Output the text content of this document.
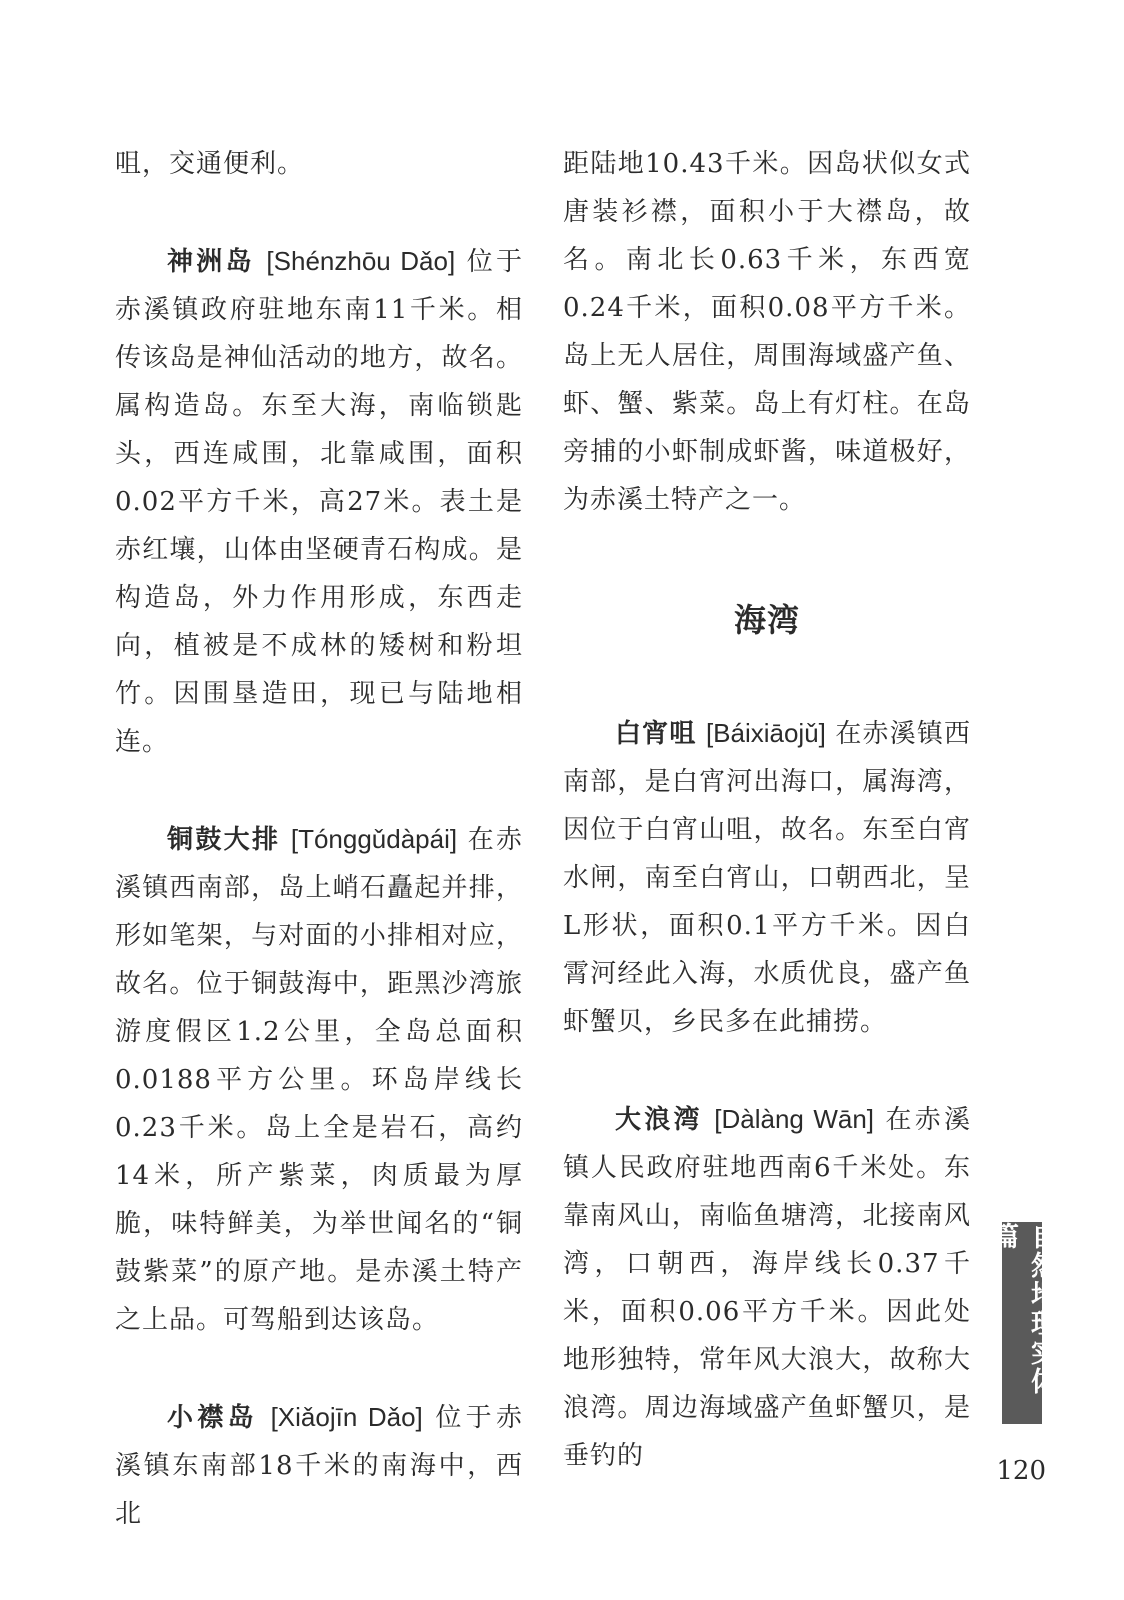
咀，交通便利。

神洲岛 [Shénzhōu Dǎo] 位于赤溪镇政府驻地东南11千米。相传该岛是神仙活动的地方，故名。属构造岛。东至大海，南临锁匙头，西连咸围，北靠咸围，面积0.02平方千米，高27米。表土是赤红壤，山体由坚硬青石构成。是构造岛，外力作用形成，东西走向，植被是不成林的矮树和粉坦竹。因围垦造田，现已与陆地相连。

铜鼓大排 [Tónggǔdàpái] 在赤溪镇西南部，岛上峭石矗起并排，形如笔架，与对面的小排相对应，故名。位于铜鼓海中，距黑沙湾旅游度假区1.2公里，全岛总面积0.0188平方公里。环岛岸线长0.23千米。岛上全是岩石，高约14米，所产紫菜，肉质最为厚脆，味特鲜美，为举世闻名的“铜鼓紫菜”的原产地。是赤溪土特产之上品。可驾船到达该岛。

小襟岛 [Xiǎojīn Dǎo] 位于赤溪镇东南部18千米的南海中，西北

距陆地10.43千米。因岛状似女式唐装衫襟，面积小于大襟岛，故名。南北长0.63千米，东西宽0.24千米，面积0.08平方千米。岛上无人居住，周围海域盛产鱼、虾、蟹、紫菜。岛上有灯柱。在岛旁捕的小虾制成虾酱，味道极好，为赤溪土特产之一。

海湾

白宵咀 [Báixiāojǔ] 在赤溪镇西南部，是白宵河出海口，属海湾，因位于白宵山咀，故名。东至白宵水闸，南至白宵山，口朝西北，呈L形状，面积0.1平方千米。因白霄河经此入海，水质优良，盛产鱼虾蟹贝，乡民多在此捕捞。

大浪湾 [Dàlàng Wān] 在赤溪镇人民政府驻地西南6千米处。东靠南风山，南临鱼塘湾，北接南风湾，口朝西，海岸线长0.37千米，面积0.06平方千米。因此处地形独特，常年风大浪大，故称大浪湾。周边海域盛产鱼虾蟹贝，是垂钓的

自然地理实体篇
120
